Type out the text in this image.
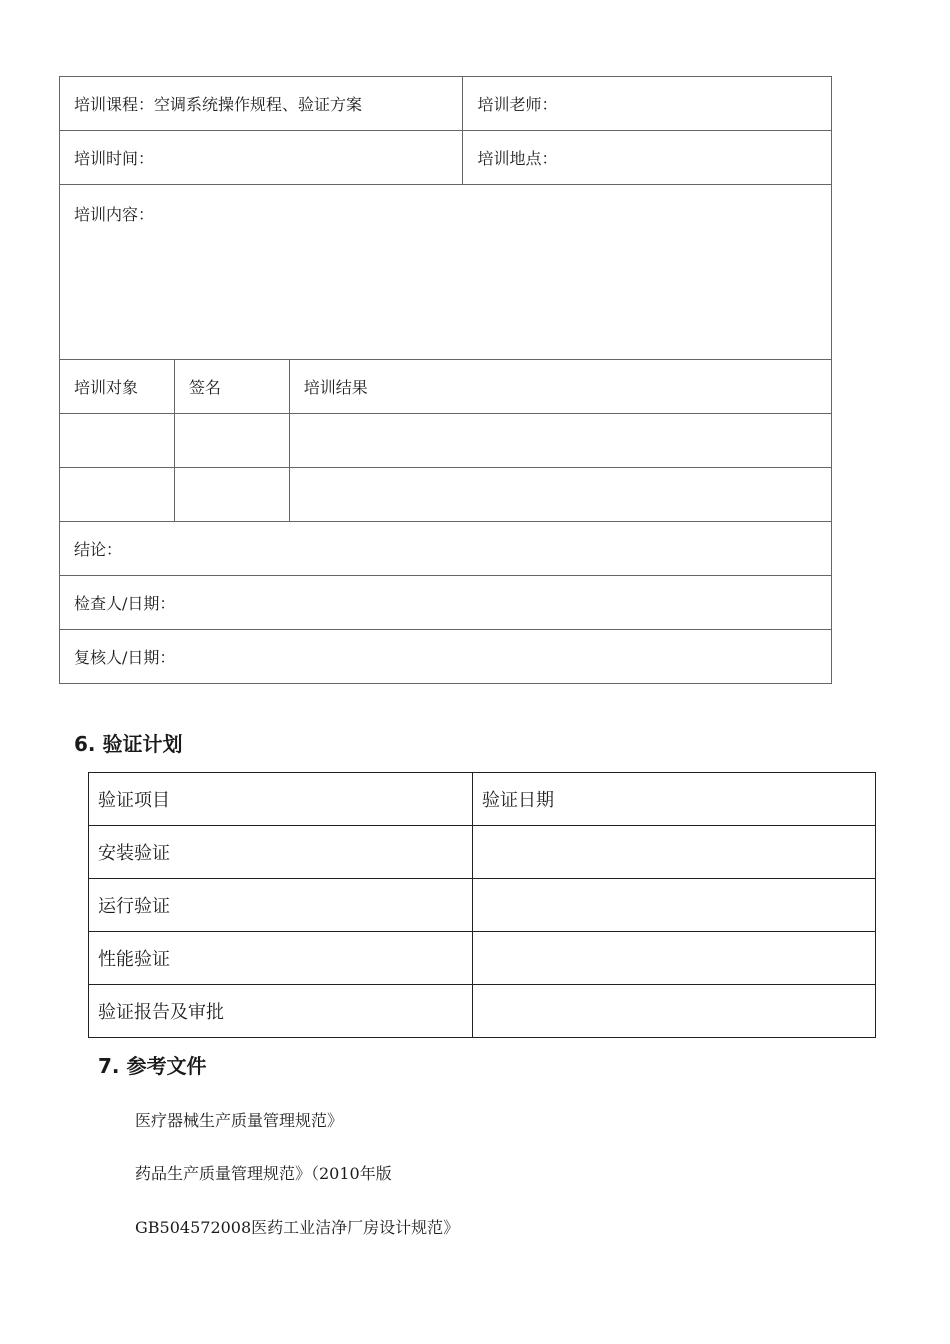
培训课程：空调系统操作规程、验证方案			培训老师：
培训时间：			培训地点：
培训内容：			
培训对象	签名	培训结果	

结论：			
检查人/日期：			
复核人/日期：			
6. 验证计划
验证项目	验证日期
安装验证	
运行验证	
性能验证	
验证报告及审批	
7. 参考文件
医疗器械生产质量管理规范》
药品生产质量管理规范》（2010年版
GB504572008医药工业洁净厂房设计规范》
